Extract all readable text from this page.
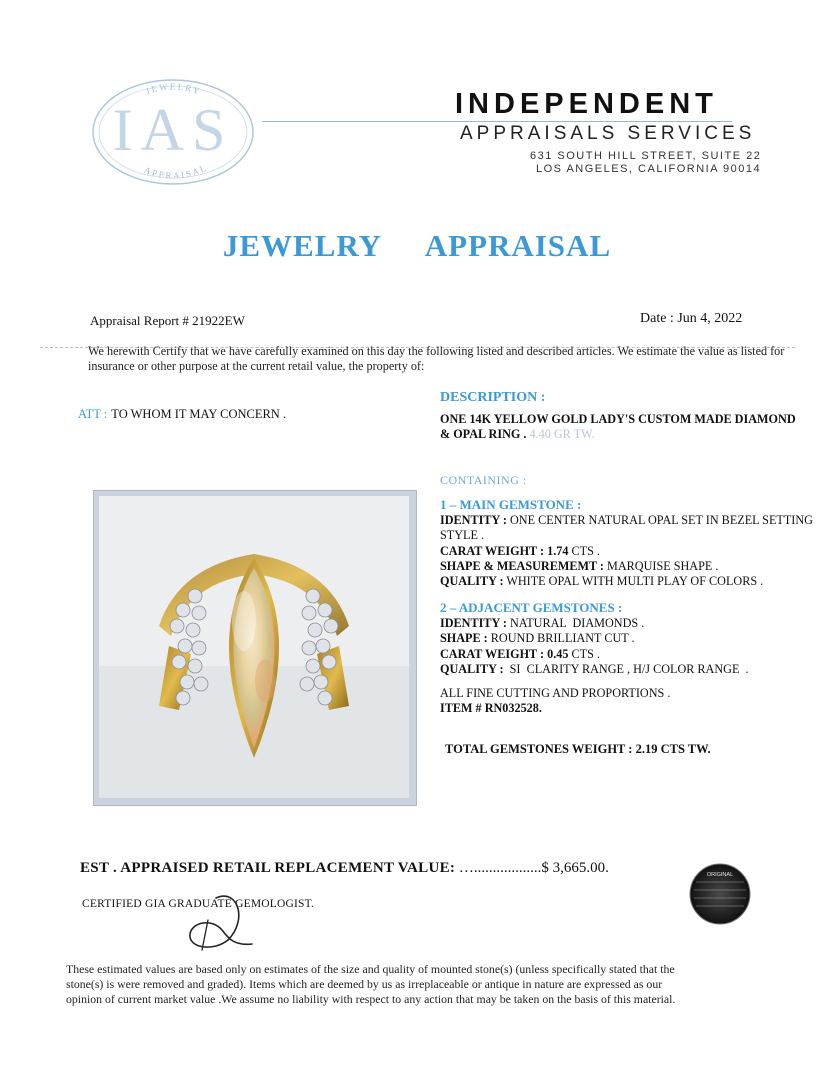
JEWELRY
APPRAISAL
IAS	INDEPENDENT
APPRAISALS SERVICES
631 SOUTH HILL STREET, SUITE 22
LOS ANGELES, CALIFORNIA 90014
JEWELRY  APPRAISAL
Appraisal Report # 21922EW	Date : Jun 4, 2022
We herewith Certify that we have carefully examined on this day the following listed and described articles. We estimate the value as listed for insurance or other purpose at the current retail value, the property of:
ATT : TO WHOM IT MAY CONCERN .
DESCRIPTION :
ONE 14K YELLOW GOLD LADY'S CUSTOM MADE DIAMOND & OPAL RING . 4.40 GR TW.
CONTAINING :
1 – MAIN GEMSTONE :
IDENTITY : ONE CENTER NATURAL OPAL SET IN BEZEL SETTING STYLE .
CARAT WEIGHT : 1.74 CTS .
SHAPE & MEASUREMEMT : MARQUISE SHAPE .
QUALITY : WHITE OPAL WITH MULTI PLAY OF COLORS .
2 – ADJACENT GEMSTONES :
IDENTITY : NATURAL  DIAMONDS .
SHAPE : ROUND BRILLIANT CUT .
CARAT WEIGHT : 0.45 CTS .
QUALITY :  SI  CLARITY RANGE , H/J COLOR RANGE  .
ALL FINE CUTTING AND PROPORTIONS .
ITEM # RN032528.
TOTAL GEMSTONES WEIGHT : 2.19 CTS TW.
EST . APPRAISED RETAIL REPLACEMENT VALUE: …..................$ 3,665.00.	ORIGINAL
CERTIFIED GIA GRADUATE GEMOLOGIST.
These estimated values are based only on estimates of the size and quality of mounted stone(s) (unless specifically stated that the stone(s) is were removed and graded). Items which are deemed by us as irreplaceable or antique in nature are expressed as our opinion of current market value .We assume no liability with respect to any action that may be taken on the basis of this material.
